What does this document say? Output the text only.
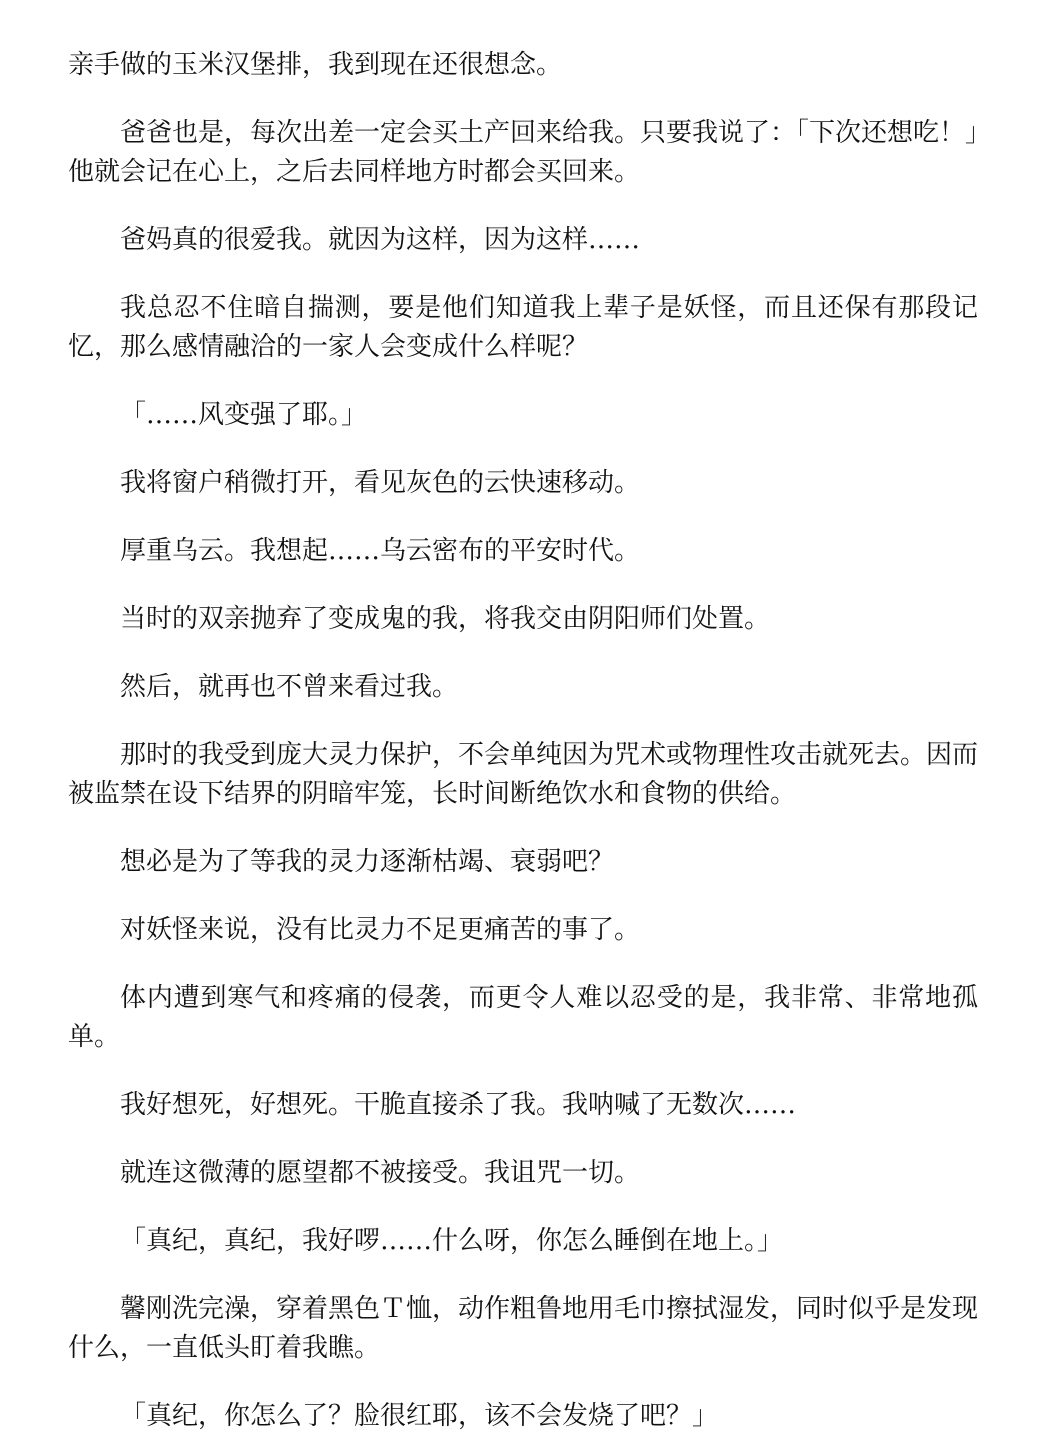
亲手做的玉米汉堡排，我到现在还很想念。

爸爸也是，每次出差一定会买土产回来给我。只要我说了：「下次还想吃！」他就会记在心上，之后去同样地方时都会买回来。

爸妈真的很爱我。就因为这样，因为这样……

我总忍不住暗自揣测，要是他们知道我上辈子是妖怪，而且还保有那段记忆，那么感情融洽的一家人会变成什么样呢？

「……风变强了耶。」

我将窗户稍微打开，看见灰色的云快速移动。

厚重乌云。我想起……乌云密布的平安时代。

当时的双亲抛弃了变成鬼的我，将我交由阴阳师们处置。

然后，就再也不曾来看过我。

那时的我受到庞大灵力保护，不会单纯因为咒术或物理性攻击就死去。因而被监禁在设下结界的阴暗牢笼，长时间断绝饮水和食物的供给。

想必是为了等我的灵力逐渐枯竭、衰弱吧？

对妖怪来说，没有比灵力不足更痛苦的事了。

体内遭到寒气和疼痛的侵袭，而更令人难以忍受的是，我非常、非常地孤单。

我好想死，好想死。干脆直接杀了我。我呐喊了无数次……

就连这微薄的愿望都不被接受。我诅咒一切。

「真纪，真纪，我好啰……什么呀，你怎么睡倒在地上。」

馨刚洗完澡，穿着黑色Ｔ恤，动作粗鲁地用毛巾擦拭湿发，同时似乎是发现什么，一直低头盯着我瞧。

「真纪，你怎么了？脸很红耶，该不会发烧了吧？」
